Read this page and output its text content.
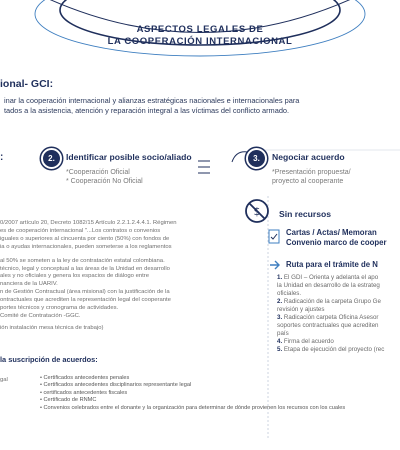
ASPECTOS LEGALES DE
LA COOPERACIÓN INTERNACIONAL
ional- GCI:
inar la cooperación internacional y alianzas estratégicas nacionales e internacionales para
tados a la asistencia, atención y reparación integral a las víctimas del conflicto armado.
:	2.	Identificar posible socio/aliado
*Cooperación Oficial
* Cooperación No Oficial
3.	Negociar acuerdo
*Presentación propuesta/
proyecto al cooperante
0/2007 artículo 20, Decreto 1082/15 Artículo 2.2.1.2.4.4.1. Régimen
es de cooperación internacional "...Los contratos o convenios
iguales o superiores al cincuenta por ciento (50%) con fondos de
ia o ayudas internacionales, pueden someterse a los reglamentos
al 50% se someten a la ley de contratación estatal colombiana.
técnico, legal y conceptual a las áreas de la Unidad en desarrollo
ales y no oficiales y genera los espacios de diálogo entre
nanciera de la UARIV.
n de Gestión Contractual (área misional) con la justificación de la
ontractuales que acrediten la representación legal del cooperante
portes técnicos y cronograma de actividades.
Comité de Contratación -GGC.
ión instalación mesa técnica de trabajo)
la suscripción de acuerdos:
gal	• Certificados antecedentes penales
• Certificados antecedentes disciplinarios representante legal
• certificados antecedentes fiscales
• Certificado de RNMC
• Convenios celebrados entre el donante y la organización para determinar de dónde provienen los recursos con los cuales
$ Sin recursos
Cartas / Actas/ Memoran
Convenio marco de cooper
Ruta para el trámite de N
1. El GDI – Orienta y adelanta el apo
la Unidad en desarrollo de la estrateg
oficiales.
2. Radicación de la carpeta Grupo Ge
revisión y ajustes
3. Radicación carpeta Oficina Asesor
soportes contractuales que acrediten
país
4. Firma del acuerdo
5. Etapa de ejecución del proyecto (rec
